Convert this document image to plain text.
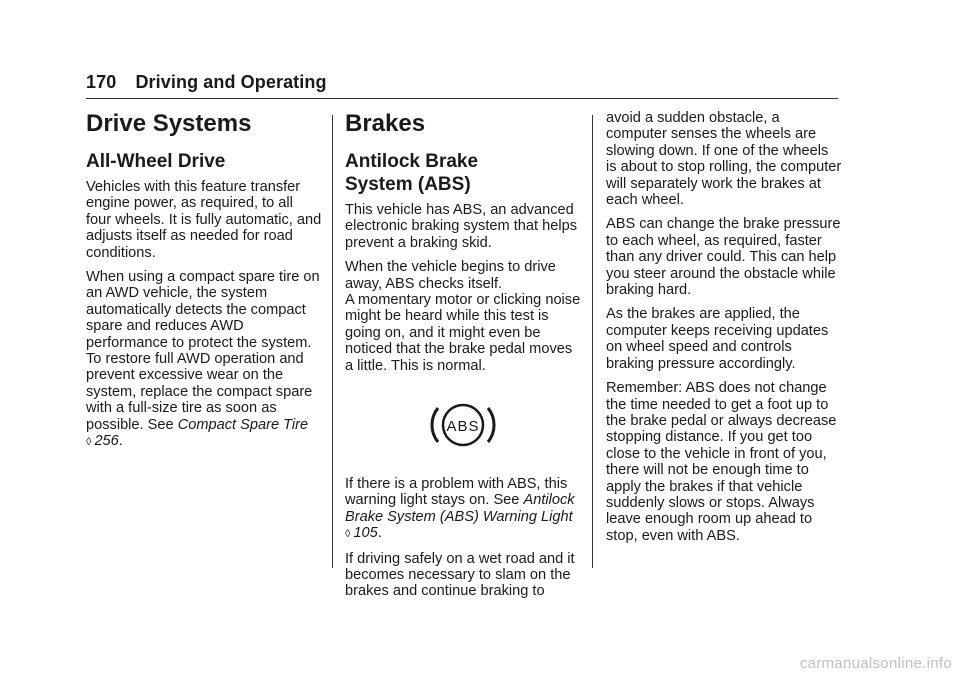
170 Driving and Operating
Drive Systems
All-Wheel Drive

Vehicles with this feature transfer engine power, as required, to all four wheels. It is fully automatic, and adjusts itself as needed for road conditions.

When using a compact spare tire on an AWD vehicle, the system automatically detects the compact spare and reduces AWD performance to protect the system. To restore full AWD operation and prevent excessive wear on the system, replace the compact spare with a full-size tire as soon as possible. See Compact Spare Tire
◊ 256.

Brakes
Antilock Brake
System (ABS)

This vehicle has ABS, an advanced electronic braking system that helps prevent a braking skid.

When the vehicle begins to drive away, ABS checks itself.
A momentary motor or clicking noise might be heard while this test is going on, and it might even be noticed that the brake pedal moves a little. This is normal.

ABS

If there is a problem with ABS, this warning light stays on. See Antilock Brake System (ABS) Warning Light
◊ 105.

If driving safely on a wet road and it becomes necessary to slam on the brakes and continue braking to

avoid a sudden obstacle, a computer senses the wheels are slowing down. If one of the wheels is about to stop rolling, the computer will separately work the brakes at each wheel.

ABS can change the brake pressure to each wheel, as required, faster than any driver could. This can help you steer around the obstacle while braking hard.

As the brakes are applied, the computer keeps receiving updates on wheel speed and controls braking pressure accordingly.

Remember: ABS does not change the time needed to get a foot up to the brake pedal or always decrease stopping distance. If you get too close to the vehicle in front of you, there will not be enough time to apply the brakes if that vehicle suddenly slows or stops. Always leave enough room up ahead to stop, even with ABS.

carmanualsonline.info
